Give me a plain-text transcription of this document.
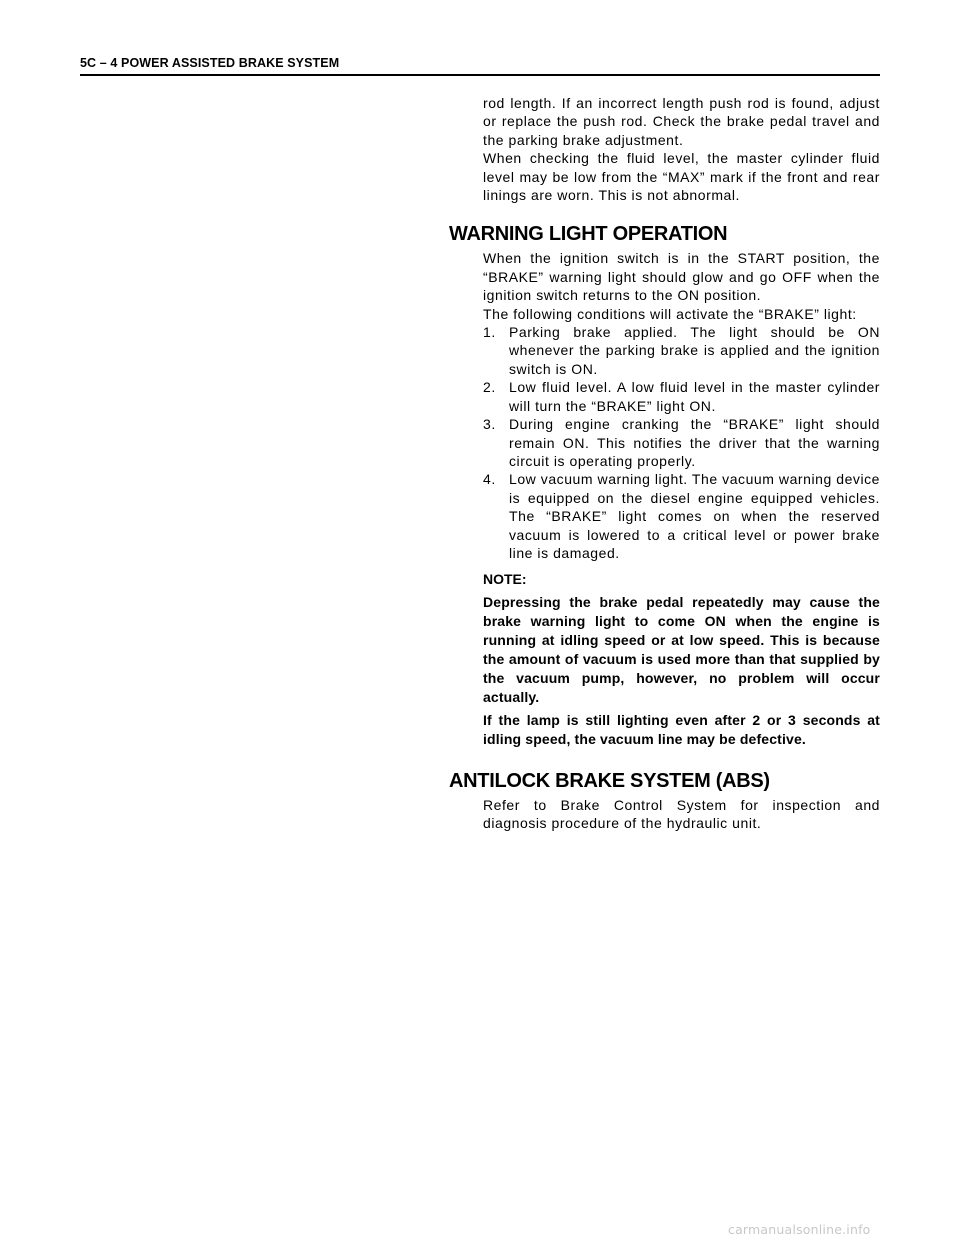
5C – 4 POWER ASSISTED BRAKE SYSTEM

rod length. If an incorrect length push rod is found, adjust or replace the push rod. Check the brake pedal travel and the parking brake adjustment.

When checking the fluid level, the master cylinder fluid level may be low from the “MAX” mark if the front and rear linings are worn. This is not abnormal.

WARNING LIGHT OPERATION

When the ignition switch is in the START position, the “BRAKE” warning light should glow and go OFF when the ignition switch returns to the ON position.

The following conditions will activate the “BRAKE” light:

1. Parking brake applied. The light should be ON whenever the parking brake is applied and the ignition switch is ON.
2. Low fluid level. A low fluid level in the master cylinder will turn the “BRAKE” light ON.
3. During engine cranking the “BRAKE” light should remain ON. This notifies the driver that the warning circuit is operating properly.
4. Low vacuum warning light. The vacuum warning device is equipped on the diesel engine equipped vehicles. The “BRAKE” light comes on when the reserved vacuum is lowered to a critical level or power brake line is damaged.

NOTE:

Depressing the brake pedal repeatedly may cause the brake warning light to come ON when the engine is running at idling speed or at low speed. This is because the amount of vacuum is used more than that supplied by the vacuum pump, however, no problem will occur actually.

If the lamp is still lighting even after 2 or 3 seconds at idling speed, the vacuum line may be defective.

ANTILOCK BRAKE SYSTEM (ABS)

Refer to Brake Control System for inspection and diagnosis procedure of the hydraulic unit.

carmanualsonline.info
